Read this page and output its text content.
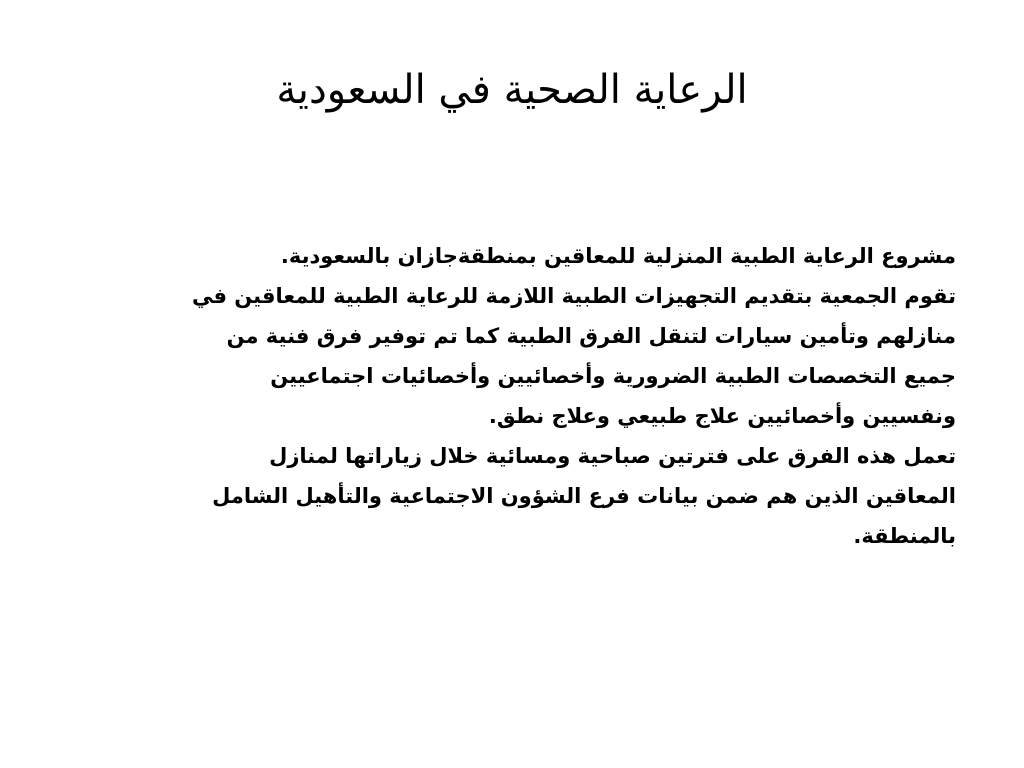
الرعاية الصحية في السعودية
مشروع الرعاية الطبية المنزلية للمعاقين بمنطقةجازان بالسعودية.
تقوم الجمعية بتقديم التجهيزات الطبية اللازمة للرعاية الطبية للمعاقين في
منازلهم وتأمين سيارات لتنقل الفرق الطبية كما تم توفير فرق فنية من
جميع التخصصات الطبية الضرورية وأخصائيين وأخصائيات اجتماعيين
ونفسيين وأخصائيين علاج طبيعي وعلاج نطق.
تعمل هذه الفرق على فترتين صباحية ومسائية خلال زياراتها لمنازل
المعاقين الذين هم ضمن بيانات فرع الشؤون الاجتماعية والتأهيل الشامل
بالمنطقة.
